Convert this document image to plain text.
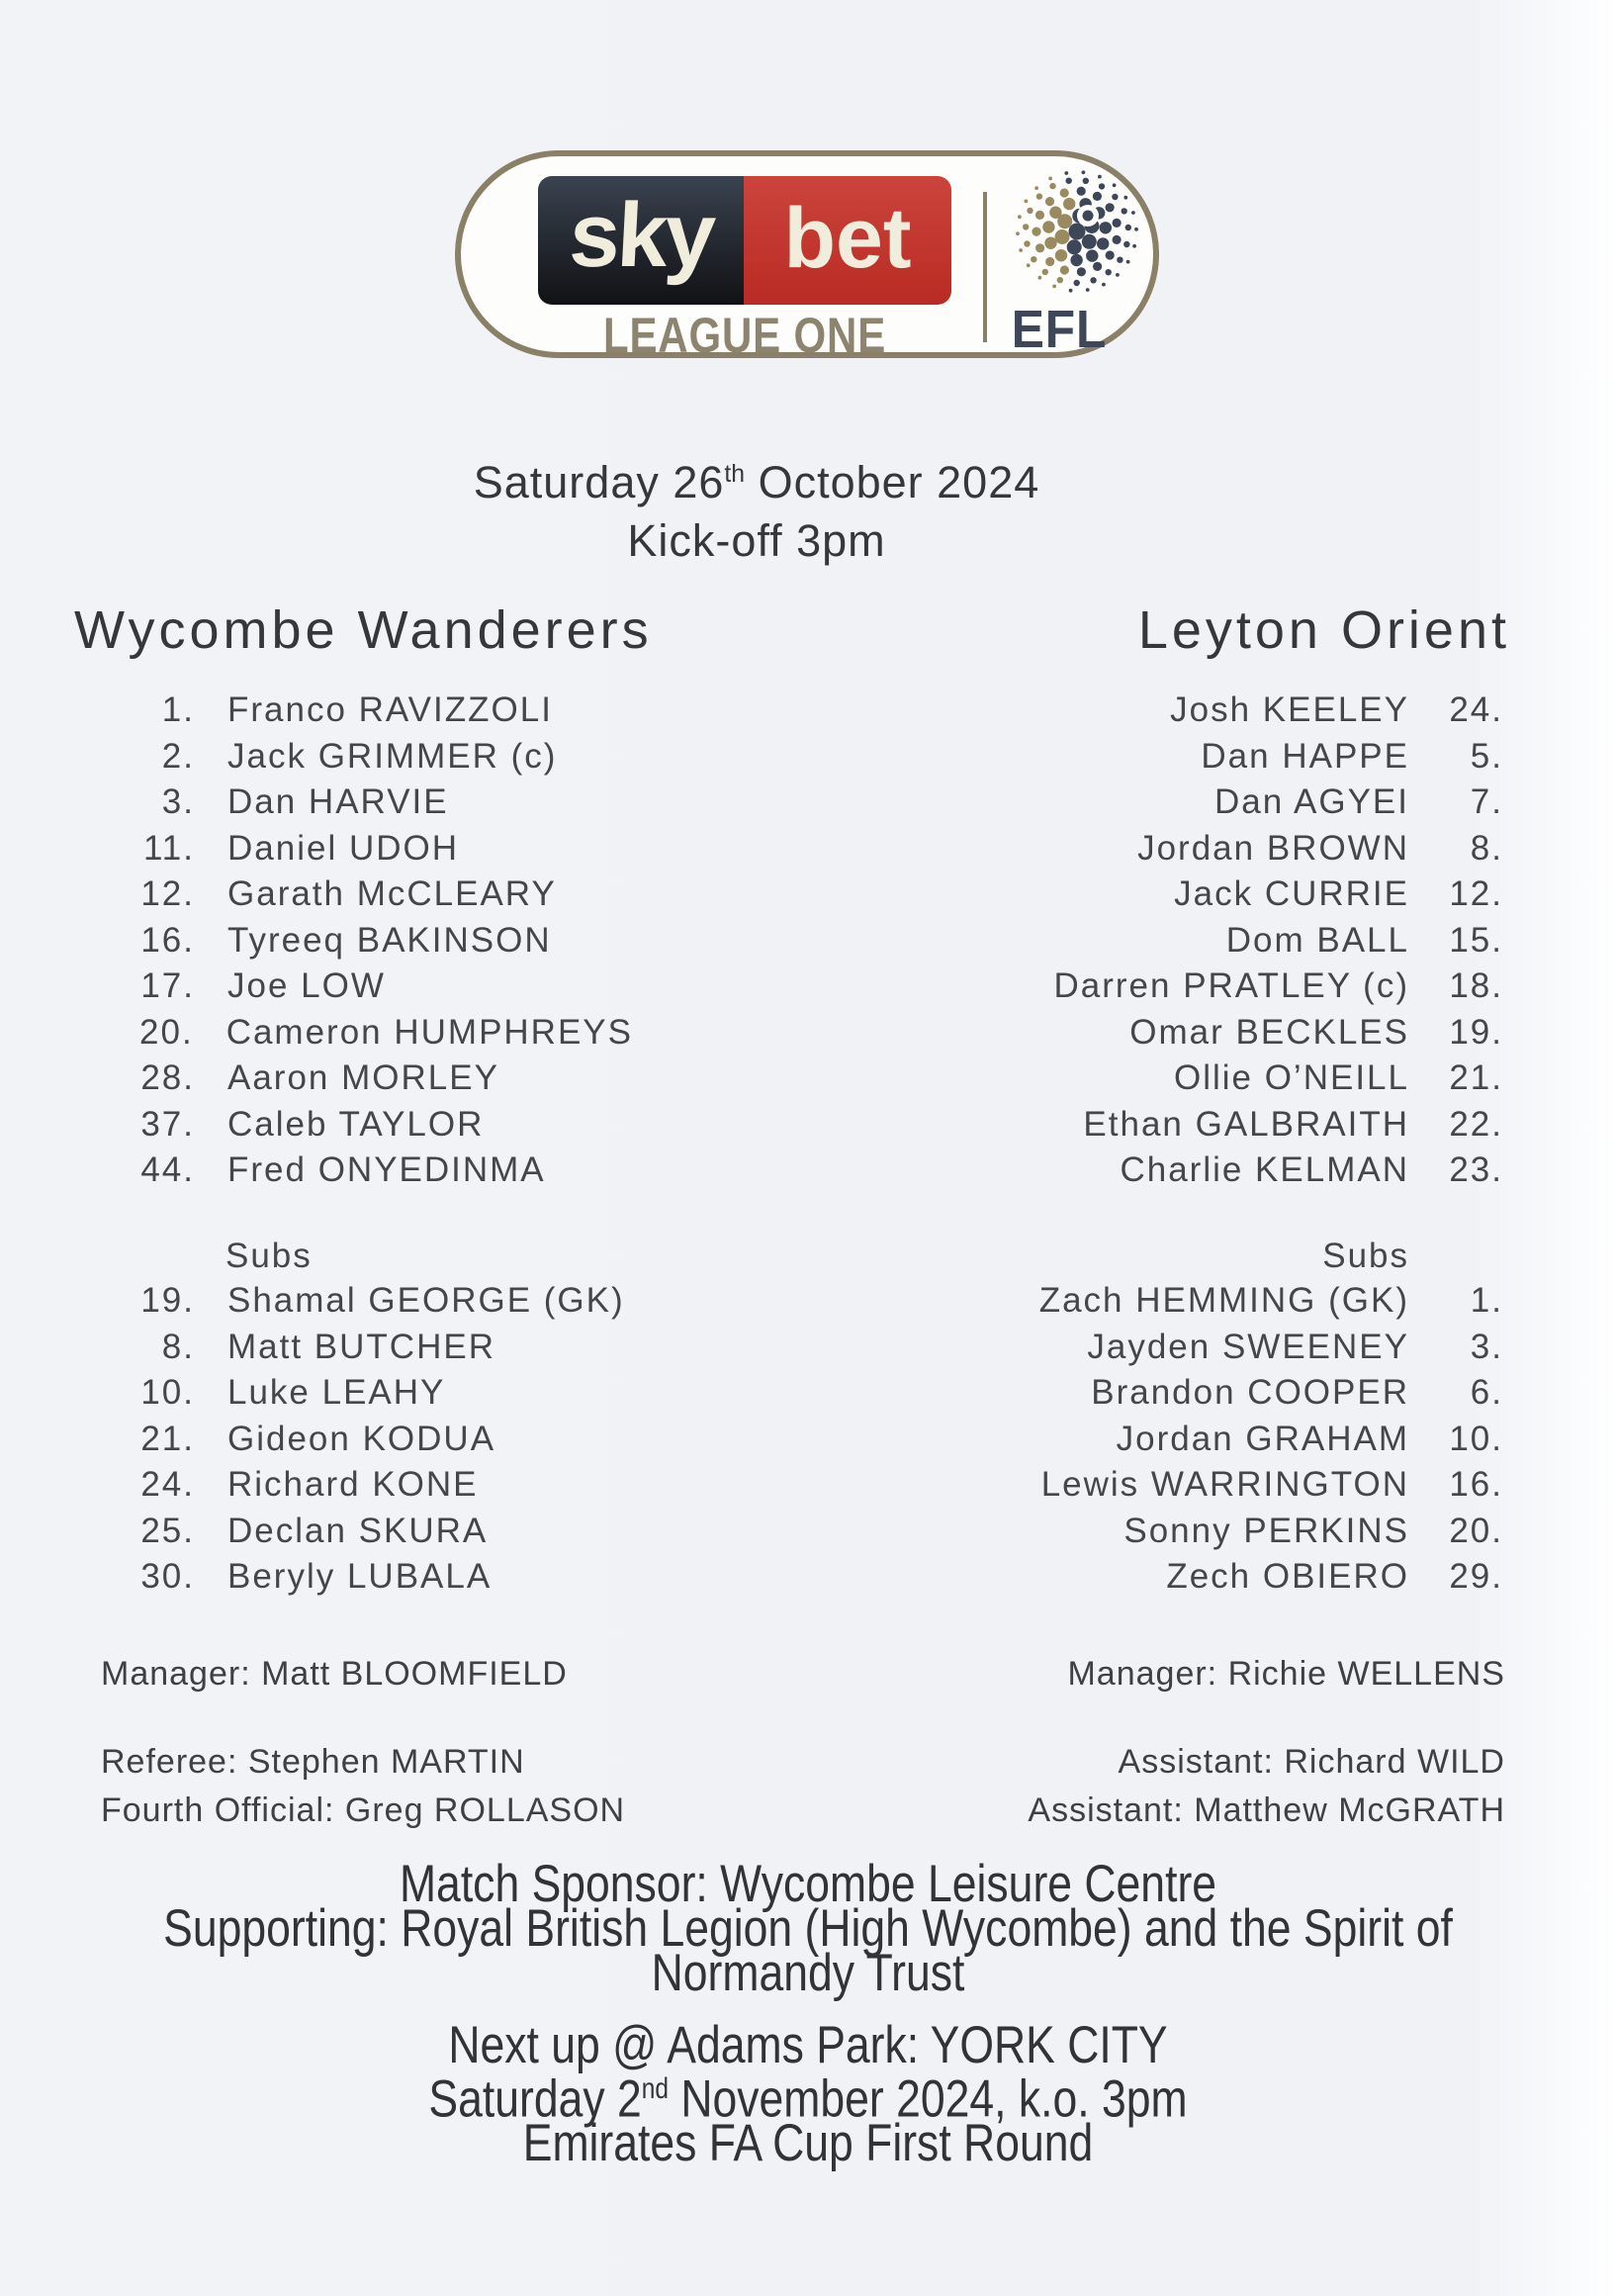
sky bet
LEAGUE ONE	EFL
Saturday 26th October 2024
Kick-off 3pm
Wycombe Wanderers	Leyton Orient
1. Franco RAVIZZOLI
2. Jack GRIMMER (c)
3. Dan HARVIE
11. Daniel UDOH
12. Garath McCLEARY
16. Tyreeq BAKINSON
17. Joe LOW
20. Cameron HUMPHREYS
28. Aaron MORLEY
37. Caleb TAYLOR
44. Fred ONYEDINMA
Josh KEELEY	24.
Dan HAPPE	5.
Dan AGYEI	7.
Jordan BROWN	8.
Jack CURRIE	12.
Dom BALL	15.
Darren PRATLEY (c)	18.
Omar BECKLES	19.
Ollie O’NEILL	21.
Ethan GALBRAITH	22.
Charlie KELMAN	23.
Subs	Subs
19. Shamal GEORGE (GK)
8. Matt BUTCHER
10. Luke LEAHY
21. Gideon KODUA
24. Richard KONE
25. Declan SKURA
30. Beryly LUBALA
Zach HEMMING (GK)	1.
Jayden SWEENEY	3.
Brandon COOPER	6.
Jordan GRAHAM	10.
Lewis WARRINGTON	16.
Sonny PERKINS	20.
Zech OBIERO	29.
Manager: Matt BLOOMFIELD	Manager: Richie WELLENS
Referee: Stephen MARTIN
Fourth Official: Greg ROLLASON
Assistant: Richard WILD
Assistant: Matthew McGRATH
Match Sponsor: Wycombe Leisure Centre
Supporting: Royal British Legion (High Wycombe) and the Spirit of
Normandy Trust
Next up @ Adams Park: YORK CITY
Saturday 2nd November 2024, k.o. 3pm
Emirates FA Cup First Round
